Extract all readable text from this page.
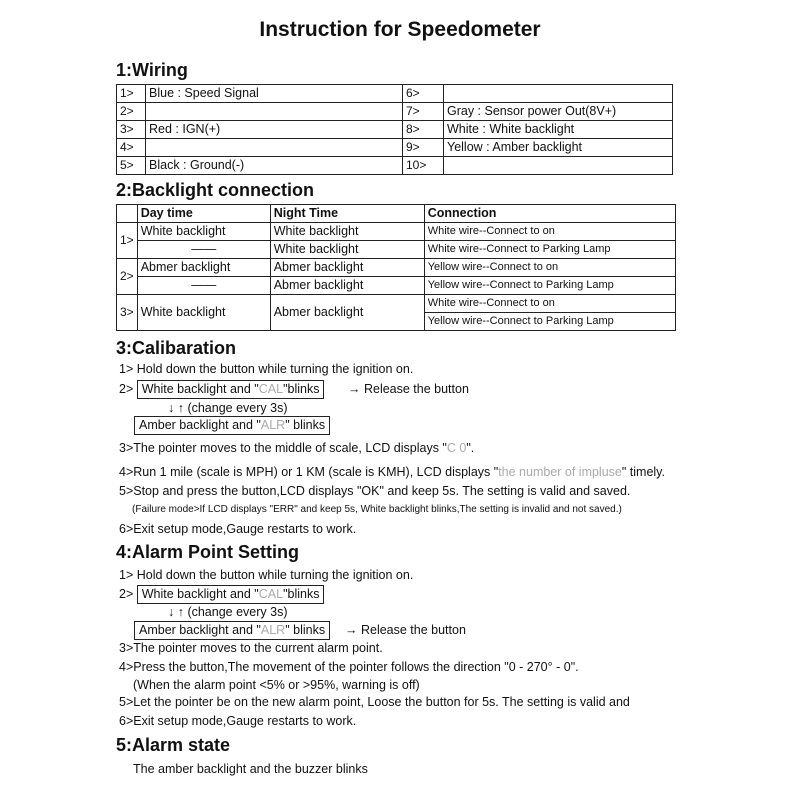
Instruction for Speedometer
1:Wiring
1>	Blue : Speed Signal	6>	
2>		7>	Gray : Sensor power Out(8V+)
3>	Red : IGN(+)	8>	White : White backlight
4>		9>	Yellow : Amber backlight
5>	Black : Ground(-)	10>	
2:Backlight connection
	Day time	Night Time	Connection
1>	White backlight	White backlight	White wire--Connect to on
	——	White backlight	White wire--Connect to Parking Lamp
2>	Abmer backlight	Abmer backlight	Yellow wire--Connect to on
	——	Abmer backlight	Yellow wire--Connect to Parking Lamp
3>	White backlight	Abmer backlight	White wire--Connect to on
			Yellow wire--Connect to Parking Lamp
3:Calibaration
1> Hold down the button while turning the ignition on.
2> White backlight and "CAL"blinks	→ Release the button
↓ ↑ (change every 3s)
Amber backlight and "ALR" blinks
3>The pointer moves to the middle of scale, LCD displays "C 0".
4>Run 1 mile (scale is MPH) or 1 KM (scale is KMH), LCD displays "the number of impluse" timely.
5>Stop and press the button,LCD displays "OK" and keep 5s. The setting is valid and saved.
(Failure mode>If LCD displays "ERR" and keep 5s, White backlight blinks,The setting is invalid and not saved.)
6>Exit setup mode,Gauge restarts to work.
4:Alarm Point Setting
1> Hold down the button while turning the ignition on.
2> White backlight and "CAL"blinks
↓ ↑ (change every 3s)
Amber backlight and "ALR" blinks	→ Release the button
3>The pointer moves to the current alarm point.
4>Press the button,The movement of the pointer follows the direction "0 - 270° - 0".
(When the alarm point <5% or >95%, warning is off)
5>Let the pointer be on the new alarm point, Loose the button for 5s. The setting is valid and
6>Exit setup mode,Gauge restarts to work.
5:Alarm state
The amber backlight and the buzzer blinks
